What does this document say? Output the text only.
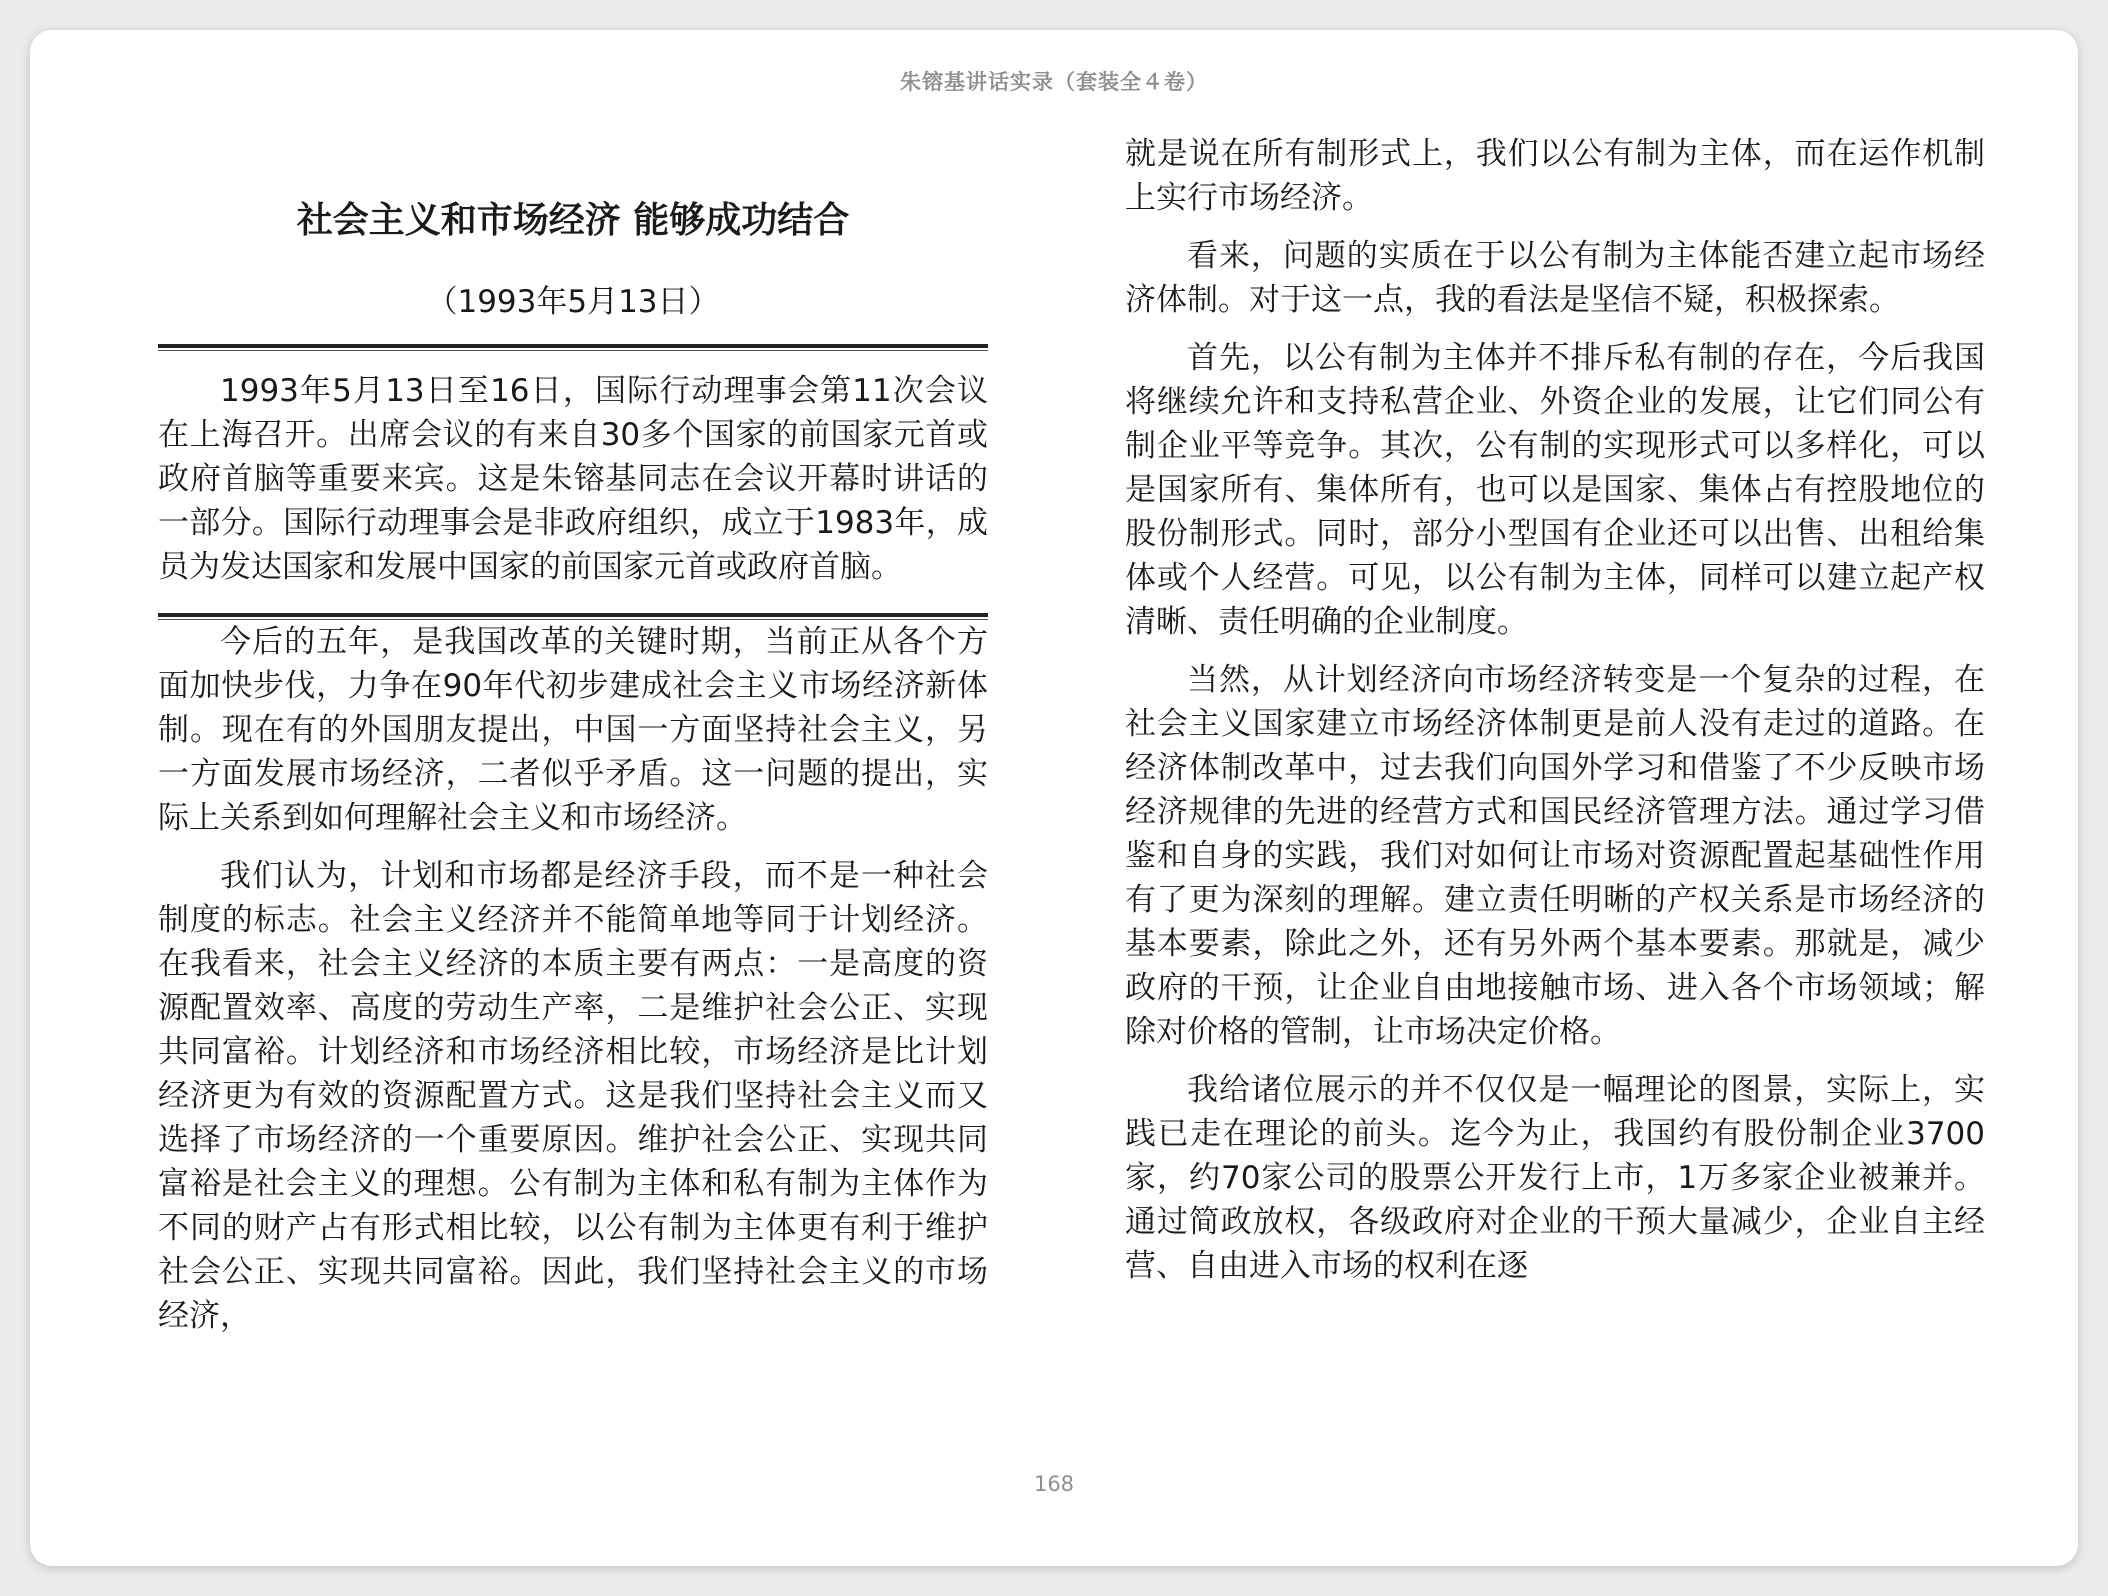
朱镕基讲话实录（套装全４卷）
社会主义和市场经济 能够成功结合
（1993年5月13日）

1993年5月13日至16日，国际行动理事会第11次会议在上海召开。出席会议的有来自30多个国家的前国家元首或政府首脑等重要来宾。这是朱镕基同志在会议开幕时讲话的一部分。国际行动理事会是非政府组织，成立于1983年，成员为发达国家和发展中国家的前国家元首或政府首脑。

今后的五年，是我国改革的关键时期，当前正从各个方面加快步伐，力争在90年代初步建成社会主义市场经济新体制。现在有的外国朋友提出，中国一方面坚持社会主义，另一方面发展市场经济，二者似乎矛盾。这一问题的提出，实际上关系到如何理解社会主义和市场经济。

我们认为，计划和市场都是经济手段，而不是一种社会制度的标志。社会主义经济并不能简单地等同于计划经济。在我看来，社会主义经济的本质主要有两点：一是高度的资源配置效率、高度的劳动生产率，二是维护社会公正、实现共同富裕。计划经济和市场经济相比较，市场经济是比计划经济更为有效的资源配置方式。这是我们坚持社会主义而又选择了市场经济的一个重要原因。维护社会公正、实现共同富裕是社会主义的理想。公有制为主体和私有制为主体作为不同的财产占有形式相比较，以公有制为主体更有利于维护社会公正、实现共同富裕。因此，我们坚持社会主义的市场经济，

就是说在所有制形式上，我们以公有制为主体，而在运作机制上实行市场经济。

看来，问题的实质在于以公有制为主体能否建立起市场经济体制。对于这一点，我的看法是坚信不疑，积极探索。

首先，以公有制为主体并不排斥私有制的存在，今后我国将继续允许和支持私营企业、外资企业的发展，让它们同公有制企业平等竞争。其次，公有制的实现形式可以多样化，可以是国家所有、集体所有，也可以是国家、集体占有控股地位的股份制形式。同时，部分小型国有企业还可以出售、出租给集体或个人经营。可见，以公有制为主体，同样可以建立起产权清晰、责任明确的企业制度。

当然，从计划经济向市场经济转变是一个复杂的过程，在社会主义国家建立市场经济体制更是前人没有走过的道路。在经济体制改革中，过去我们向国外学习和借鉴了不少反映市场经济规律的先进的经营方式和国民经济管理方法。通过学习借鉴和自身的实践，我们对如何让市场对资源配置起基础性作用有了更为深刻的理解。建立责任明晰的产权关系是市场经济的基本要素，除此之外，还有另外两个基本要素。那就是，减少政府的干预，让企业自由地接触市场、进入各个市场领域；解除对价格的管制，让市场决定价格。

我给诸位展示的并不仅仅是一幅理论的图景，实际上，实践已走在理论的前头。迄今为止，我国约有股份制企业3700家，约70家公司的股票公开发行上市，1万多家企业被兼并。通过简政放权，各级政府对企业的干预大量减少，企业自主经营、自由进入市场的权利在逐

168
